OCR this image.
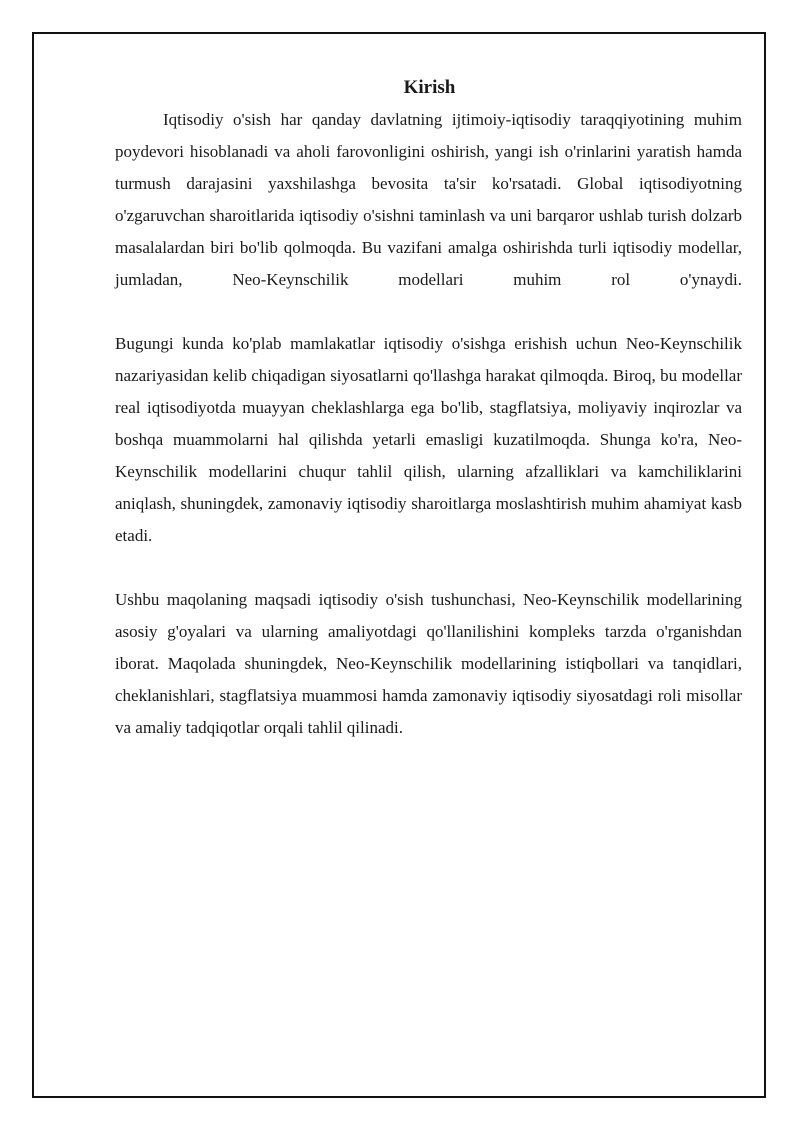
Kirish

Iqtisodiy o'sish har qanday davlatning ijtimoiy-iqtisodiy taraqqiyotining muhim poydevori hisoblanadi va aholi farovonligini oshirish, yangi ish o'rinlarini yaratish hamda turmush darajasini yaxshilashga bevosita ta'sir ko'rsatadi. Global iqtisodiyotning o'zgaruvchan sharoitlarida iqtisodiy o'sishni taminlash va uni barqaror ushlab turish dolzarb masalalardan biri bo'lib qolmoqda. Bu vazifani amalga oshirishda turli iqtisodiy modellar, jumladan, Neo-Keynschilik modellari muhim rol o'ynaydi.

Bugungi kunda ko'plab mamlakatlar iqtisodiy o'sishga erishish uchun Neo-Keynschilik nazariyasidan kelib chiqadigan siyosatlarni qo'llashga harakat qilmoqda. Biroq, bu modellar real iqtisodiyotda muayyan cheklashlarga ega bo'lib, stagflatsiya, moliyaviy inqirozlar va boshqa muammolarni hal qilishda yetarli emasligi kuzatilmoqda. Shunga ko'ra, Neo-Keynschilik modellarini chuqur tahlil qilish, ularning afzalliklari va kamchiliklarini aniqlash, shuningdek, zamonaviy iqtisodiy sharoitlarga moslashtirish muhim ahamiyat kasb etadi.

Ushbu maqolaning maqsadi iqtisodiy o'sish tushunchasi, Neo-Keynschilik modellarining asosiy g'oyalari va ularning amaliyotdagi qo'llanilishini kompleks tarzda o'rganishdan iborat. Maqolada shuningdek, Neo-Keynschilik modellarining istiqbollari va tanqidlari, cheklanishlari, stagflatsiya muammosi hamda zamonaviy iqtisodiy siyosatdagi roli misollar va amaliy tadqiqotlar orqali tahlil qilinadi.
